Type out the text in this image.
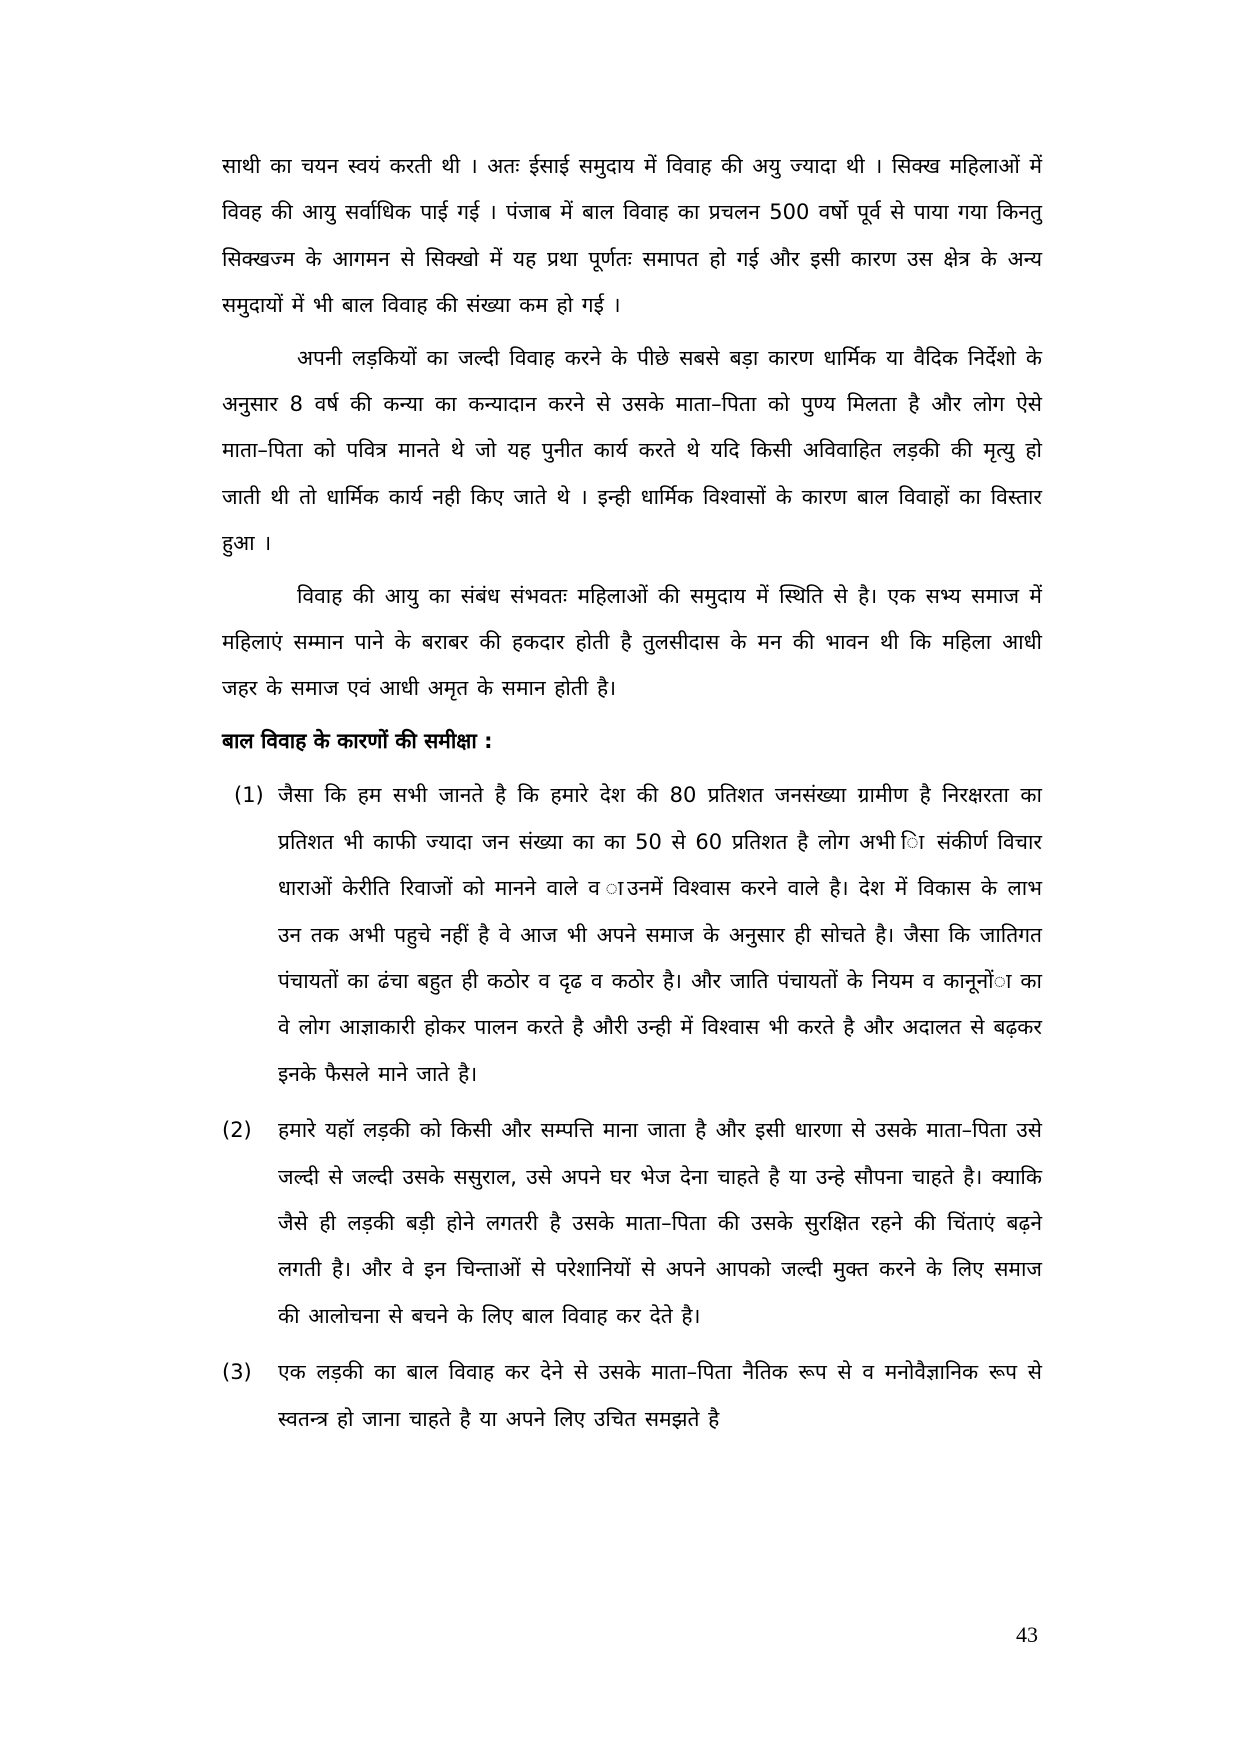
साथी का चयन स्वयं करती थी । अतः ईसाई समुदाय में विवाह की अयु ज्यादा थी । सिक्ख महिलाओं में विवह की आयु सर्वाधिक पाई गई । पंजाब में बाल विवाह का प्रचलन 500 वर्षो पूर्व से पाया गया किनतु सिक्खज्म के आगमन से सिक्खो में यह प्रथा पूर्णतः समापत हो गई और इसी कारण उस क्षेत्र के अन्य समुदायों में भी बाल विवाह की संख्या कम हो गई ।

अपनी लड़कियों का जल्दी विवाह करने के पीछे सबसे बड़ा कारण धार्मिक या वैदिक निर्देशो के अनुसार 8 वर्ष की कन्या का कन्यादान करने से उसके माता–पिता को पुण्य मिलता है और लोग ऐसे माता–पिता को पवित्र मानते थे जो यह पुनीत कार्य करते थे यदि किसी अविवाहित लड़की की मृत्यु हो जाती थी तो धार्मिक कार्य नही किए जाते थे । इन्ही धार्मिक विश्वासों के कारण बाल विवाहों का विस्तार हुआ ।

विवाह की आयु का संबंध संभवतः महिलाओं की समुदाय में स्थिति से है। एक सभ्य समाज में महिलाएं सम्मान पाने के बराबर की हकदार होती है तुलसीदास के मन की भावन थी कि महिला आधी जहर के समाज एवं आधी अमृत के समान होती है।

बाल विवाह के कारणों की समीक्षा :
(1) जैसा कि हम सभी जानते है कि हमारे देश की 80 प्रतिशत जनसंख्या ग्रामीण है निरक्षरता का प्रतिशत भी काफी ज्यादा जन संख्या का का 50 से 60 प्रतिशत है लोग अभी ाि संकीर्ण विचार धाराओं केरीति रिवाजों को मानने वाले व ाउनमें विश्वास करने वाले है। देश में विकास के लाभ उन तक अभी पहुचे नहीं है वे आज भी अपने समाज के अनुसार ही सोचते है। जैसा कि जातिगत पंचायतों का ढंचा बहुत ही कठोर व दृढ व कठोर है। और जाति पंचायतों के नियम व कानूनोंा का वे लोग आज्ञाकारी होकर पालन करते है औरी उन्ही में विश्वास भी करते है और अदालत से बढ़कर इनके फैसले माने जाते है।
(2) हमारे यहॉ लड़की को किसी और सम्पत्ति माना जाता है और इसी धारणा से उसके माता–पिता उसे जल्दी से जल्दी उसके ससुराल, उसे अपने घर भेज देना चाहते है या उन्हे सौपना चाहते है। क्याकि जैसे ही लड़की बड़ी होने लगतरी है उसके माता–पिता की उसके सुरक्षित रहने की चिंताएं बढ़ने लगती है। और वे इन चिन्ताओं से परेशानियों से अपने आपको जल्दी मुक्त करने के लिए समाज की आलोचना से बचने के लिए बाल विवाह कर देते है।
(3) एक लड़की का बाल विवाह कर देने से उसके माता–पिता नैतिक रूप से व मनोवैज्ञानिक रूप से स्वतन्त्र हो जाना चाहते है या अपने लिए उचित समझते है
43
